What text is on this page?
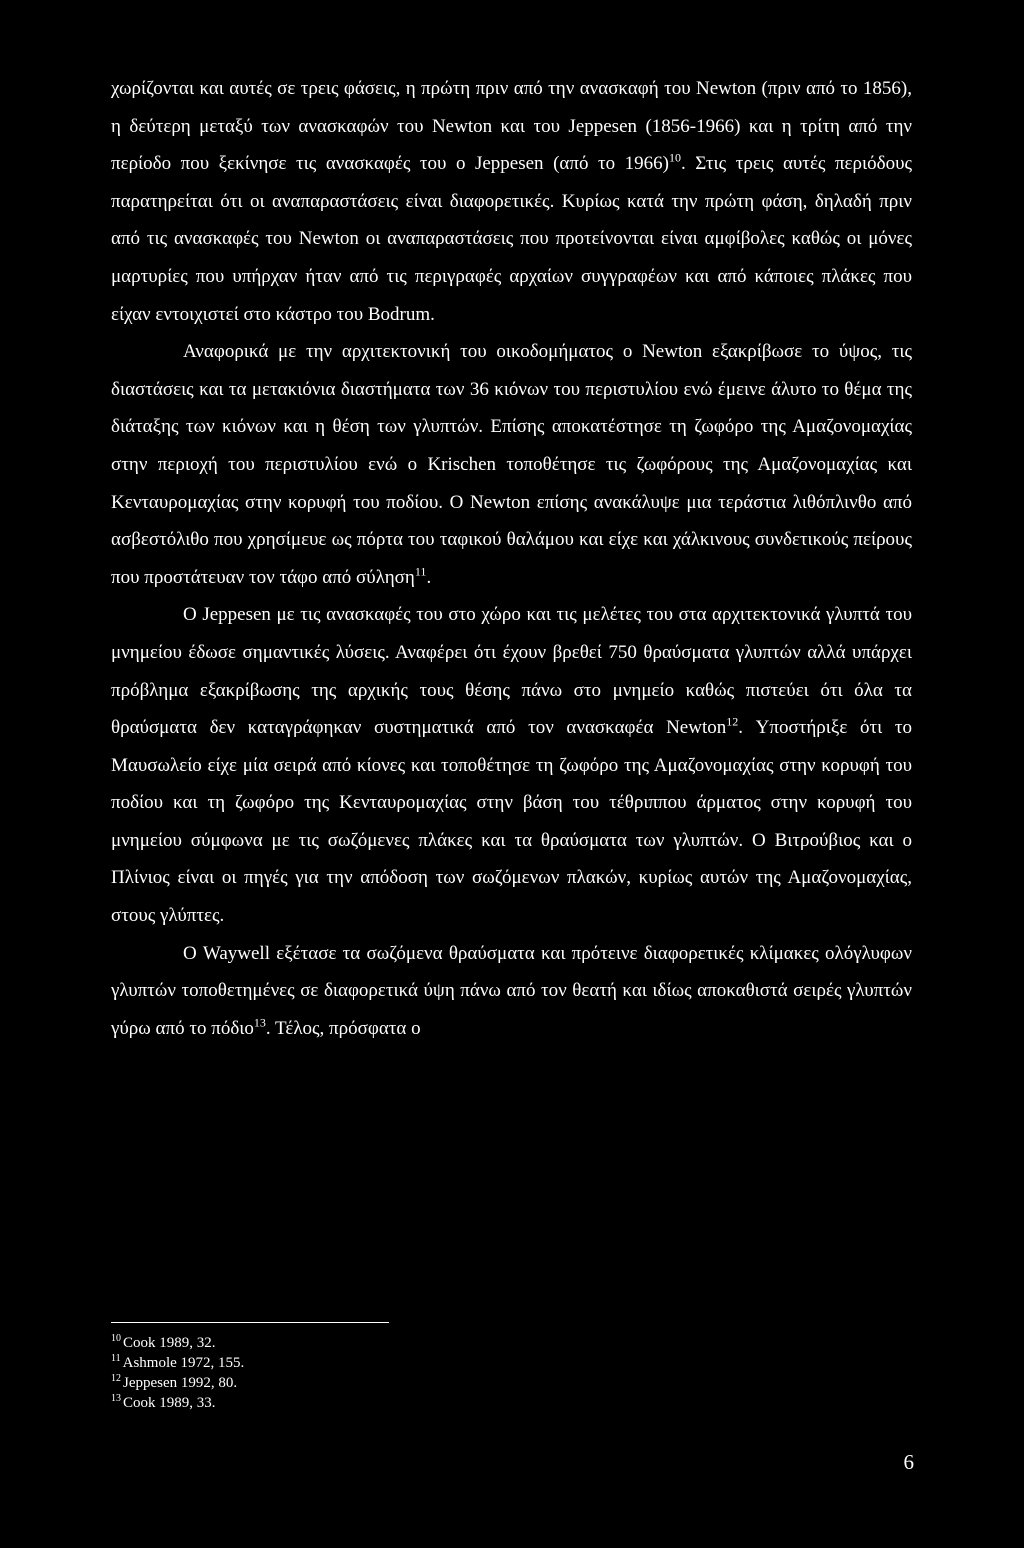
χωρίζονται και αυτές σε τρεις φάσεις, η πρώτη πριν από την ανασκαφή του Newton (πριν από το 1856), η δεύτερη μεταξύ των ανασκαφών του Newton και του Jeppesen (1856-1966) και η τρίτη από την περίοδο που ξεκίνησε τις ανασκαφές του ο Jeppesen (από το 1966)$^{10}$. Στις τρεις αυτές περιόδους παρατηρείται ότι οι αναπαραστάσεις είναι διαφορετικές. Κυρίως κατά την πρώτη φάση, δηλαδή πριν από τις ανασκαφές του Newton οι αναπαραστάσεις που προτείνονται είναι αμφίβολες καθώς οι μόνες μαρτυρίες που υπήρχαν ήταν από τις περιγραφές αρχαίων συγγραφέων και από κάποιες πλάκες που είχαν εντοιχιστεί στο κάστρο του Bodrum.

Αναφορικά με την αρχιτεκτονική του οικοδομήματος ο Newton εξακρίβωσε το ύψος, τις διαστάσεις και τα μετακιόνια διαστήματα των 36 κιόνων του περιστυλίου ενώ έμεινε άλυτο το θέμα της διάταξης των κιόνων και η θέση των γλυπτών. Επίσης αποκατέστησε τη ζωφόρο της Αμαζονομαχίας στην περιοχή του περιστυλίου ενώ ο Krischen τοποθέτησε τις ζωφόρους της Αμαζονομαχίας και Κενταυρομαχίας στην κορυφή του ποδίου. Ο Newton επίσης ανακάλυψε μια τεράστια λιθόπλινθο από ασβεστόλιθο που χρησίμευε ως πόρτα του ταφικού θαλάμου και είχε και χάλκινους συνδετικούς πείρους που προστάτευαν τον τάφο από σύληση$^{11}$.

Ο Jeppesen με τις ανασκαφές του στο χώρο και τις μελέτες του στα αρχιτεκτονικά γλυπτά του μνημείου έδωσε σημαντικές λύσεις. Αναφέρει ότι έχουν βρεθεί 750 θραύσματα γλυπτών αλλά υπάρχει πρόβλημα εξακρίβωσης της αρχικής τους θέσης πάνω στο μνημείο καθώς πιστεύει ότι όλα τα θραύσματα δεν καταγράφηκαν συστηματικά από τον ανασκαφέα Newton$^{12}$. Υποστήριξε ότι το Μαυσωλείο είχε μία σειρά από κίονες και τοποθέτησε τη ζωφόρο της Αμαζονομαχίας στην κορυφή του ποδίου και τη ζωφόρο της Κενταυρομαχίας στην βάση του τέθριππου άρματος στην κορυφή του μνημείου σύμφωνα με τις σωζόμενες πλάκες και τα θραύσματα των γλυπτών. Ο Βιτρούβιος και ο Πλίνιος είναι οι πηγές για την απόδοση των σωζόμενων πλακών, κυρίως αυτών της Αμαζονομαχίας, στους γλύπτες.

Ο Waywell εξέτασε τα σωζόμενα θραύσματα και πρότεινε διαφορετικές κλίμακες ολόγλυφων γλυπτών τοποθετημένες σε διαφορετικά ύψη πάνω από τον θεατή και ιδίως αποκαθιστά σειρές γλυπτών γύρω από το πόδιο$^{13}$. Τέλος, πρόσφατα ο

$^{10}$ Cook 1989, 32.

$^{11}$ Ashmole 1972, 155.

$^{12}$ Jeppesen 1992, 80.

$^{13}$ Cook 1989, 33.

6
